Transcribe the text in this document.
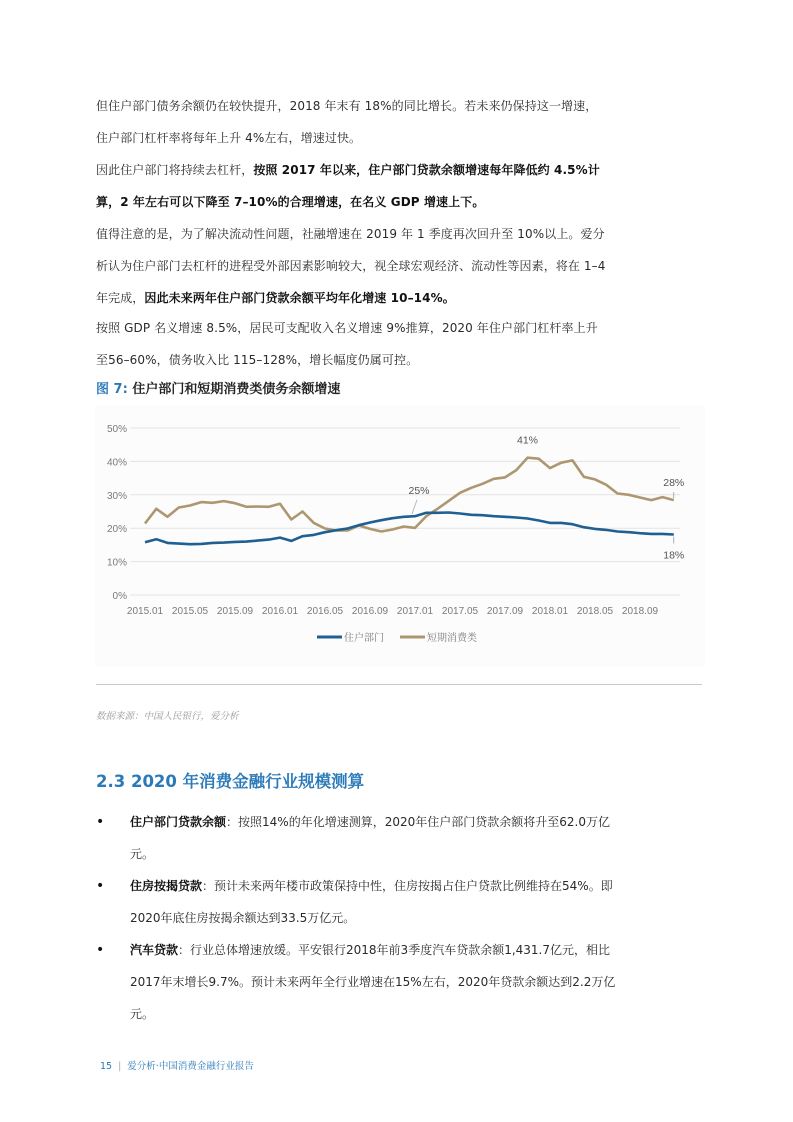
但住户部门债务余额仍在较快提升，2018 年末有 18%的同比增长。若未来仍保持这一增速，住户部门杠杆率将每年上升 4%左右，增速过快。

因此住户部门将持续去杠杆，按照 2017 年以来，住户部门贷款余额增速每年降低约 4.5%计算，2 年左右可以下降至 7–10%的合理增速，在名义 GDP 增速上下。

值得注意的是，为了解决流动性问题，社融增速在 2019 年 1 季度再次回升至 10%以上。爱分析认为住户部门去杠杆的进程受外部因素影响较大，视全球宏观经济、流动性等因素，将在 1–4 年完成，因此未来两年住户部门贷款余额平均年化增速 10–14%。

按照 GDP 名义增速 8.5%，居民可支配收入名义增速 9%推算，2020 年住户部门杠杆率上升至56–60%，债务收入比 115–128%，增长幅度仍属可控。

图 7: 住户部门和短期消费类债务余额增速
0%
10%
20%
30%
40%
50%
2015.01 2015.05 2015.09 2016.01 2016.05 2016.09 2017.01 2017.05 2017.09 2018.01 2018.05 2018.09
25%
41%
28%
18%
住户部门	短期消费类
数据来源：中国人民银行，爱分析
2.3 2020 年消费金融行业规模测算
•	住户部门贷款余额：按照14%的年化增速测算，2020年住户部门贷款余额将升至62.0万亿元。
•	住房按揭贷款：预计未来两年楼市政策保持中性，住房按揭占住户贷款比例维持在54%。即2020年底住房按揭余额达到33.5万亿元。
•	汽车贷款：行业总体增速放缓。平安银行2018年前3季度汽车贷款余额1,431.7亿元，相比2017年末增长9.7%。预计未来两年全行业增速在15%左右，2020年贷款余额达到2.2万亿元。
15 | 爱分析·中国消费金融行业报告
